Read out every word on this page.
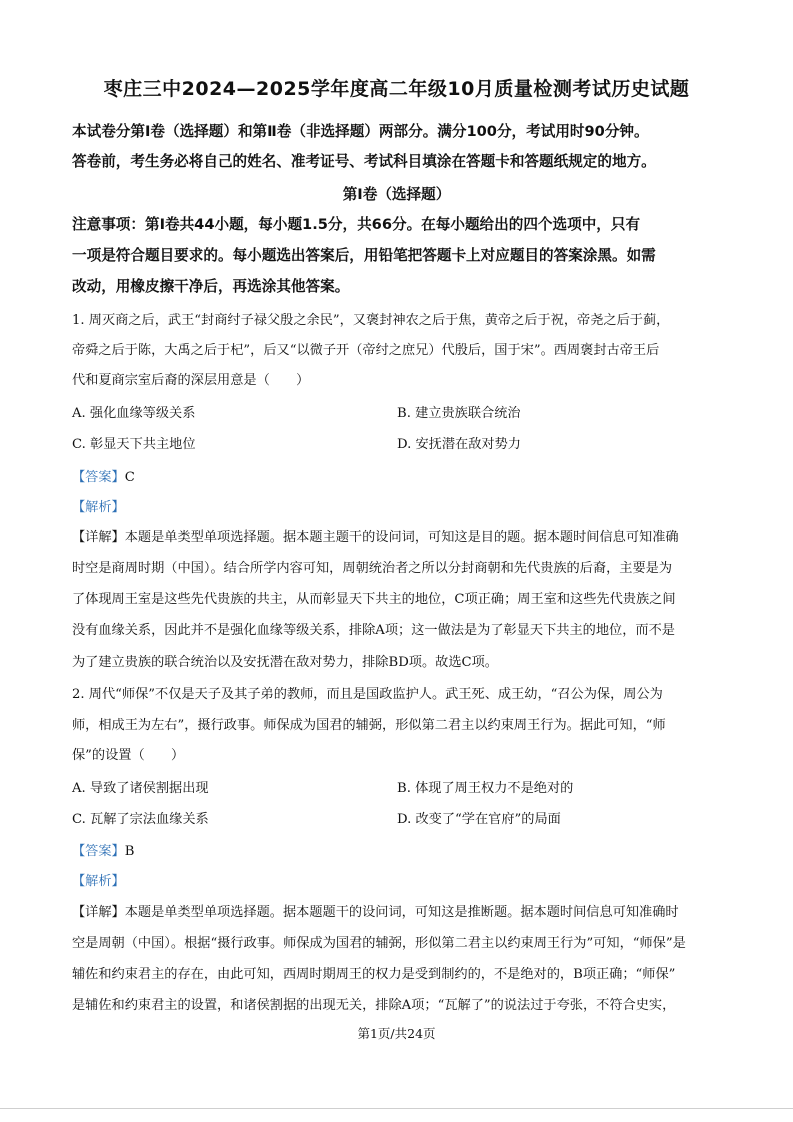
枣庄三中2024—2025学年度高二年级10月质量检测考试历史试题
本试卷分第Ⅰ卷（选择题）和第Ⅱ卷（非选择题）两部分。满分100分，考试用时90分钟。
答卷前，考生务必将自己的姓名、准考证号、考试科目填涂在答题卡和答题纸规定的地方。
第Ⅰ卷（选择题）
注意事项：第Ⅰ卷共44小题，每小题1.5分，共66分。在每小题给出的四个选项中，只有
一项是符合题目要求的。每小题选出答案后，用铅笔把答题卡上对应题目的答案涂黑。如需
改动，用橡皮擦干净后，再选涂其他答案。
1. 周灭商之后，武王“封商纣子禄父殷之余民”，又褒封神农之后于焦，黄帝之后于祝，帝尧之后于蓟，
帝舜之后于陈，大禹之后于杞”，后又“以微子开（帝纣之庶兄）代殷后，国于宋”。西周褒封古帝王后
代和夏商宗室后裔的深层用意是（　　）
A. 强化血缘等级关系	B. 建立贵族联合统治
C. 彰显天下共主地位	D. 安抚潜在敌对势力
【答案】C
【解析】
【详解】本题是单类型单项选择题。据本题主题干的设问词，可知这是目的题。据本题时间信息可知准确
时空是商周时期（中国）。结合所学内容可知，周朝统治者之所以分封商朝和先代贵族的后裔，主要是为
了体现周王室是这些先代贵族的共主，从而彰显天下共主的地位，C项正确；周王室和这些先代贵族之间
没有血缘关系，因此并不是强化血缘等级关系，排除A项；这一做法是为了彰显天下共主的地位，而不是
为了建立贵族的联合统治以及安抚潜在敌对势力，排除BD项。故选C项。
2. 周代“师保”不仅是天子及其子弟的教师，而且是国政监护人。武王死、成王幼，“召公为保，周公为
师，相成王为左右”，摄行政事。师保成为国君的辅弼，形似第二君主以约束周王行为。据此可知，“师
保”的设置（　　）
A. 导致了诸侯割据出现	B. 体现了周王权力不是绝对的
C. 瓦解了宗法血缘关系	D. 改变了“学在官府”的局面
【答案】B
【解析】
【详解】本题是单类型单项选择题。据本题题干的设问词，可知这是推断题。据本题时间信息可知准确时
空是周朝（中国）。根据“摄行政事。师保成为国君的辅弼，形似第二君主以约束周王行为”可知，“师保”是
辅佐和约束君主的存在，由此可知，西周时期周王的权力是受到制约的，不是绝对的，B项正确；“师保”
是辅佐和约束君主的设置，和诸侯割据的出现无关，排除A项；“瓦解了”的说法过于夸张，不符合史实，
第1页/共24页
